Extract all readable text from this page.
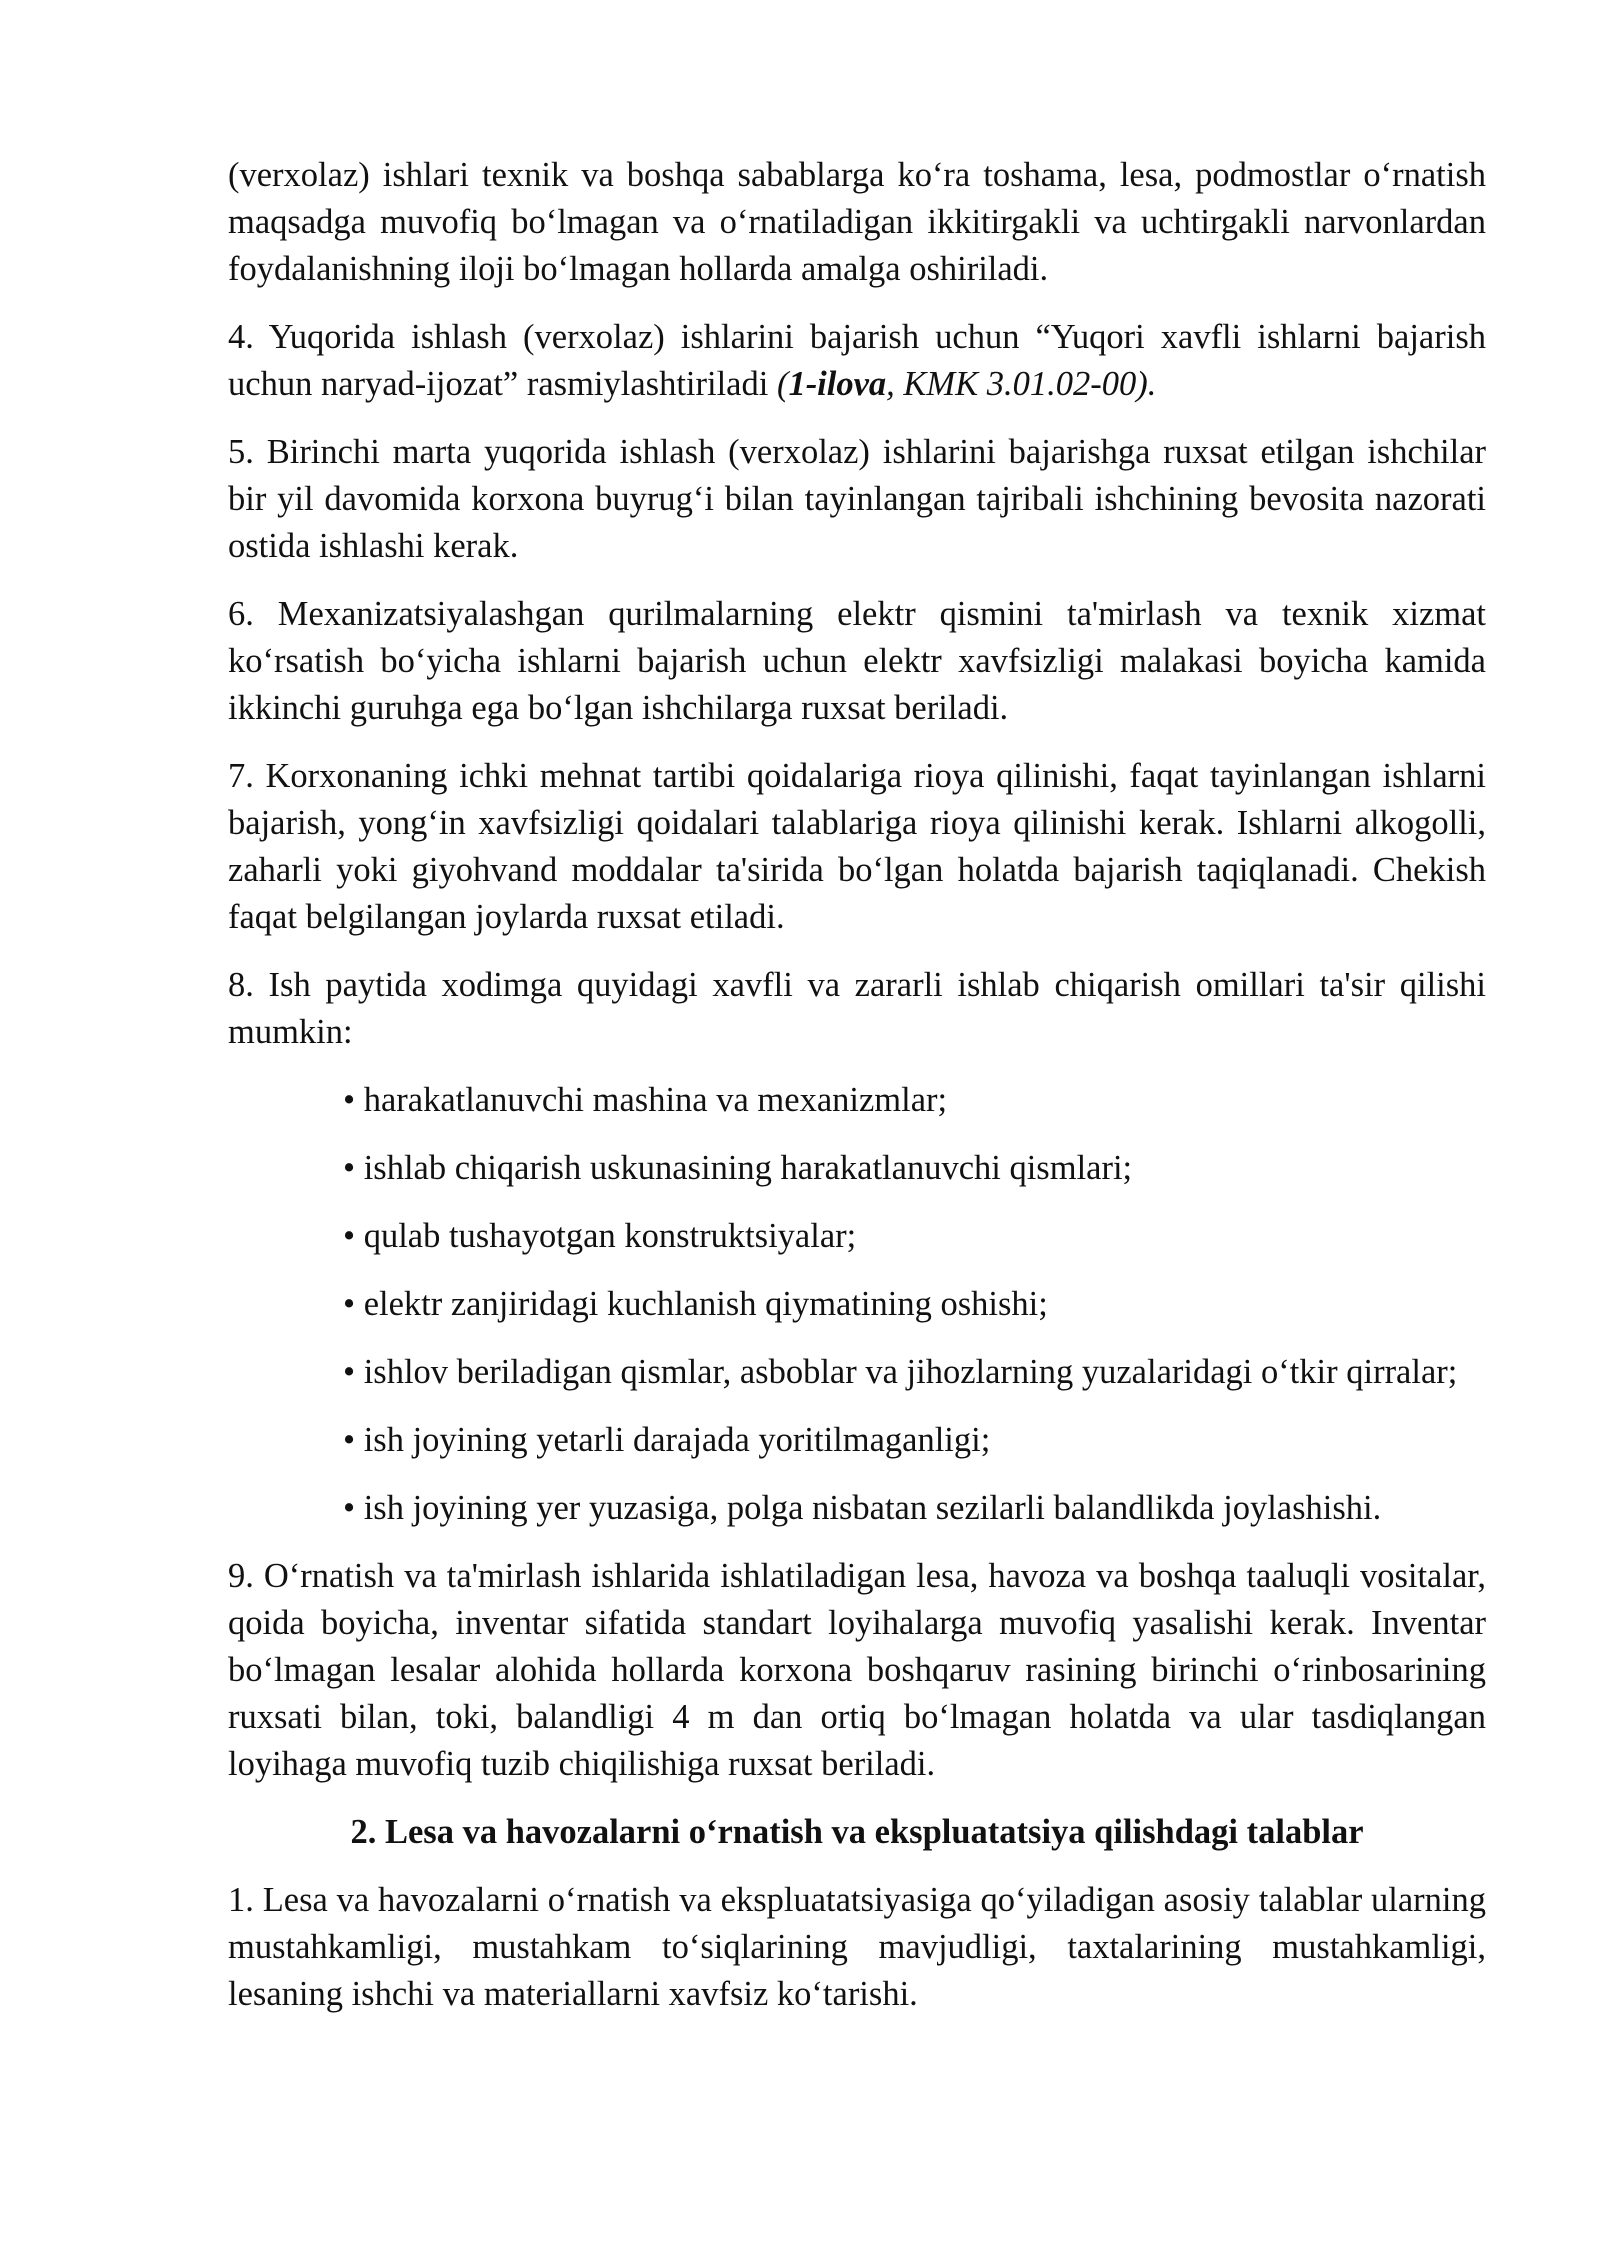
(verxolaz) ishlari texnik va boshqa sabablarga ko‘ra toshama, lesa, podmostlar o‘rnatish maqsadga muvofiq bo‘lmagan va o‘rnatiladigan ikkitirgakli va uchtirgakli narvonlardan foydalanishning iloji bo‘lmagan hollarda amalga oshiriladi.

4. Yuqorida ishlash (verxolaz) ishlarini bajarish uchun “Yuqori xavfli ishlarni bajarish uchun naryad-ijozat” rasmiylashtiriladi (1-ilova, KMK 3.01.02-00).

5. Birinchi marta yuqorida ishlash (verxolaz) ishlarini bajarishga ruxsat etilgan ishchilar bir yil davomida korxona buyrug‘i bilan tayinlangan tajribali ishchining bevosita nazorati ostida ishlashi kerak.

6. Mexanizatsiyalashgan qurilmalarning elektr qismini ta'mirlash va texnik xizmat ko‘rsatish bo‘yicha ishlarni bajarish uchun elektr xavfsizligi malakasi boyicha kamida ikkinchi guruhga ega bo‘lgan ishchilarga ruxsat beriladi.

7. Korxonaning ichki mehnat tartibi qoidalariga rioya qilinishi, faqat tayinlangan ishlarni bajarish, yong‘in xavfsizligi qoidalari talablariga rioya qilinishi kerak. Ishlarni alkogolli, zaharli yoki giyohvand moddalar ta'sirida bo‘lgan holatda bajarish taqiqlanadi. Chekish faqat belgilangan joylarda ruxsat etiladi.

8. Ish paytida xodimga quyidagi xavfli va zararli ishlab chiqarish omillari ta'sir qilishi mumkin:

• harakatlanuvchi mashina va mexanizmlar;

• ishlab chiqarish uskunasining harakatlanuvchi qismlari;

• qulab tushayotgan konstruktsiyalar;

• elektr zanjiridagi kuchlanish qiymatining oshishi;

• ishlov beriladigan qismlar, asboblar va jihozlarning yuzalaridagi o‘tkir qirralar;

• ish joyining yetarli darajada yoritilmaganligi;

• ish joyining yer yuzasiga, polga nisbatan sezilarli balandlikda joylashishi.

9. O‘rnatish va ta'mirlash ishlarida ishlatiladigan lesa, havoza va boshqa taaluqli vositalar, qoida boyicha, inventar sifatida standart loyihalarga muvofiq yasalishi kerak. Inventar bo‘lmagan lesalar alohida hollarda korxona boshqaruv rasining birinchi o‘rinbosarining ruxsati bilan, toki, balandligi 4 m dan ortiq bo‘lmagan holatda va ular tasdiqlangan loyihaga muvofiq tuzib chiqilishiga ruxsat beriladi.

2. Lesa va havozalarni o‘rnatish va ekspluatatsiya qilishdagi talablar

1. Lesa va havozalarni o‘rnatish va ekspluatatsiyasiga qo‘yiladigan asosiy talablar ularning mustahkamligi, mustahkam to‘siqlarining mavjudligi, taxtalarining mustahkamligi, lesaning ishchi va materiallarni xavfsiz ko‘tarishi.
